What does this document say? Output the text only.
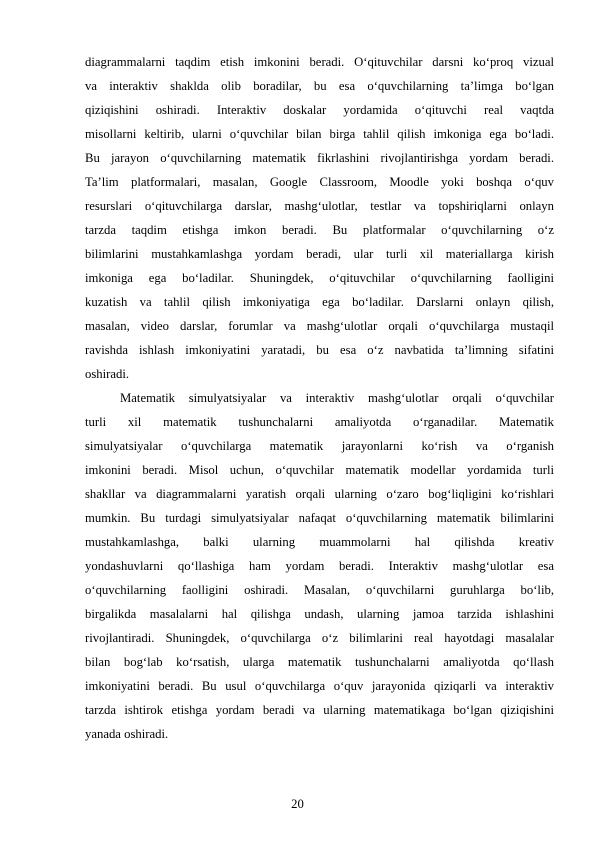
diagrammalarni taqdim etish imkonini beradi. O‘qituvchilar darsni ko‘proq vizual
va interaktiv shaklda olib boradilar, bu esa o‘quvchilarning ta’limga bo‘lgan
qiziqishini oshiradi. Interaktiv doskalar yordamida o‘qituvchi real vaqtda
misollarni keltirib, ularni o‘quvchilar bilan birga tahlil qilish imkoniga ega bo‘ladi.
Bu jarayon o‘quvchilarning matematik fikrlashini rivojlantirishga yordam beradi.
Ta’lim platformalari, masalan, Google Classroom, Moodle yoki boshqa o‘quv
resurslari o‘qituvchilarga darslar, mashg‘ulotlar, testlar va topshiriqlarni onlayn
tarzda taqdim etishga imkon beradi. Bu platformalar o‘quvchilarning o‘z
bilimlarini mustahkamlashga yordam beradi, ular turli xil materiallarga kirish
imkoniga ega bo‘ladilar. Shuningdek, o‘qituvchilar o‘quvchilarning faolligini
kuzatish va tahlil qilish imkoniyatiga ega bo‘ladilar. Darslarni onlayn qilish,
masalan, video darslar, forumlar va mashg‘ulotlar orqali o‘quvchilarga mustaqil
ravishda ishlash imkoniyatini yaratadi, bu esa o‘z navbatida ta’limning sifatini
oshiradi.
Matematik simulyatsiyalar va interaktiv mashg‘ulotlar orqali o‘quvchilar
turli xil matematik tushunchalarni amaliyotda o‘rganadilar. Matematik
simulyatsiyalar o‘quvchilarga matematik jarayonlarni ko‘rish va o‘rganish
imkonini beradi. Misol uchun, o‘quvchilar matematik modellar yordamida turli
shakllar va diagrammalarni yaratish orqali ularning o‘zaro bog‘liqligini ko‘rishlari
mumkin. Bu turdagi simulyatsiyalar nafaqat o‘quvchilarning matematik bilimlarini
mustahkamlashga, balki ularning muammolarni hal qilishda kreativ
yondashuvlarni qo‘llashiga ham yordam beradi. Interaktiv mashg‘ulotlar esa
o‘quvchilarning faolligini oshiradi. Masalan, o‘quvchilarni guruhlarga bo‘lib,
birgalikda masalalarni hal qilishga undash, ularning jamoa tarzida ishlashini
rivojlantiradi. Shuningdek, o‘quvchilarga o‘z bilimlarini real hayotdagi masalalar
bilan bog‘lab ko‘rsatish, ularga matematik tushunchalarni amaliyotda qo‘llash
imkoniyatini beradi. Bu usul o‘quvchilarga o‘quv jarayonida qiziqarli va interaktiv
tarzda ishtirok etishga yordam beradi va ularning matematikaga bo‘lgan qiziqishini
yanada oshiradi.
20
